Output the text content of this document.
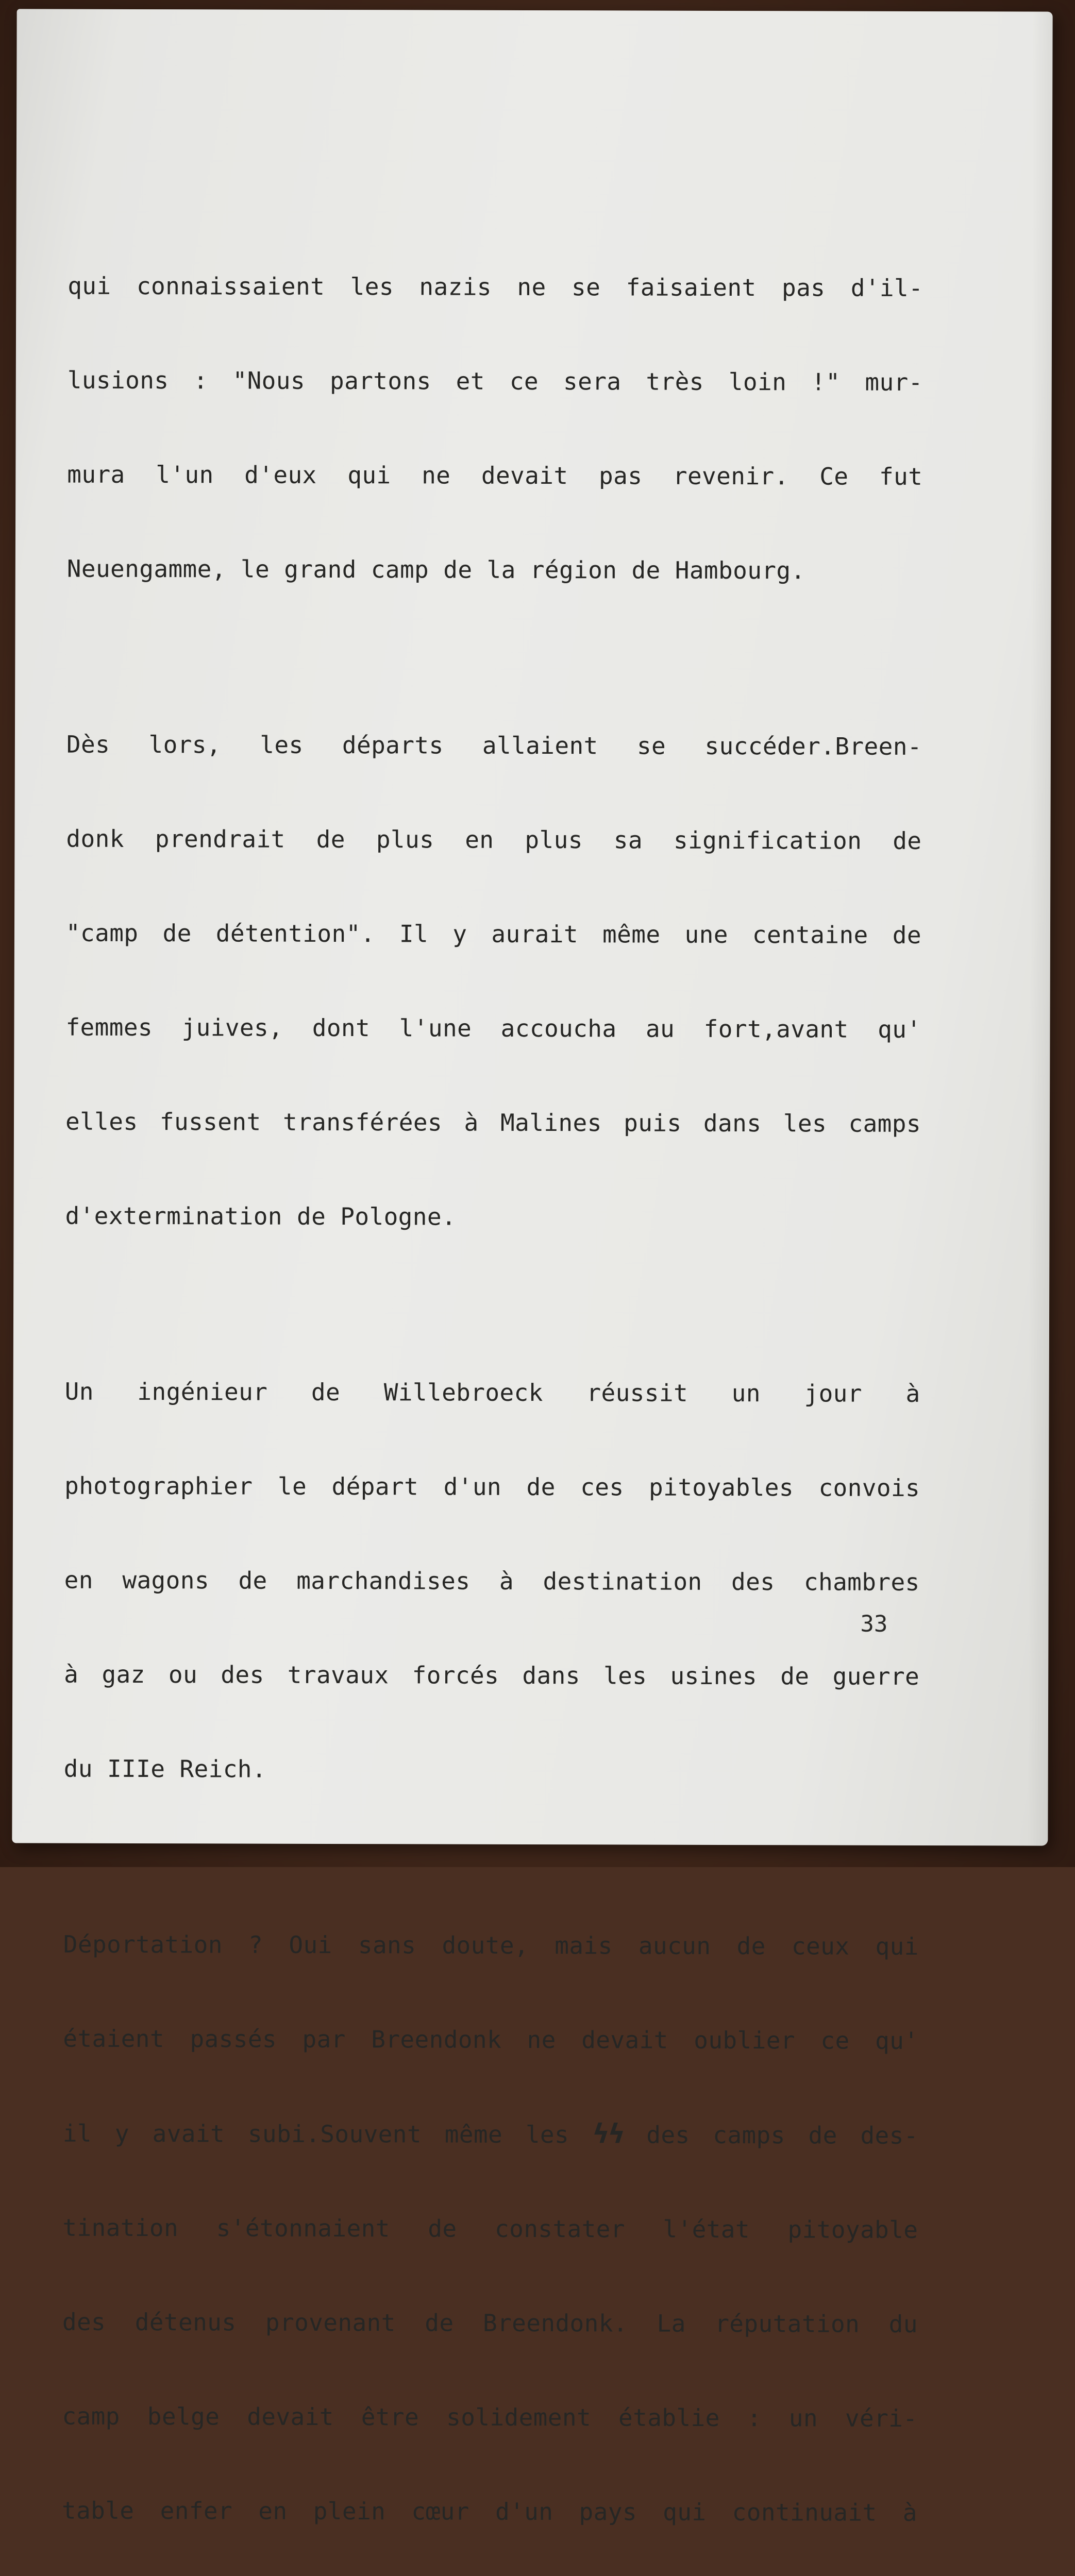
qui connaissaient les nazis ne se faisaient pas d'il-

lusions : "Nous partons et ce sera très loin !" mur-

mura l'un d'eux qui ne devait pas revenir. Ce fut

Neuengamme, le grand camp de la région de Hambourg.

Dès lors, les départs allaient se succéder.Breen-

donk prendrait de plus en plus sa signification de

"camp de détention". Il y aurait même une centaine de

femmes juives, dont l'une accoucha au fort,avant qu'

elles fussent transférées à Malines puis dans les camps

d'extermination de Pologne.

Un ingénieur de Willebroeck réussit un jour à

photographier le départ d'un de ces pitoyables convois

en wagons de marchandises à destination des chambres

à gaz ou des travaux forcés dans les usines de guerre

du IIIe Reich.

Déportation ? Oui sans doute, mais aucun de ceux qui

étaient passés par Breendonk ne devait oublier ce qu'

il y avait subi.Souvent même les ϟϟ des camps de des-

tination s'étonnaient de constater l'état pitoyable

des détenus provenant de Breendonk. La réputation du

camp belge devait être solidement établie : un véri-

table enfer en plein cœur d'un pays qui continuait à

33
